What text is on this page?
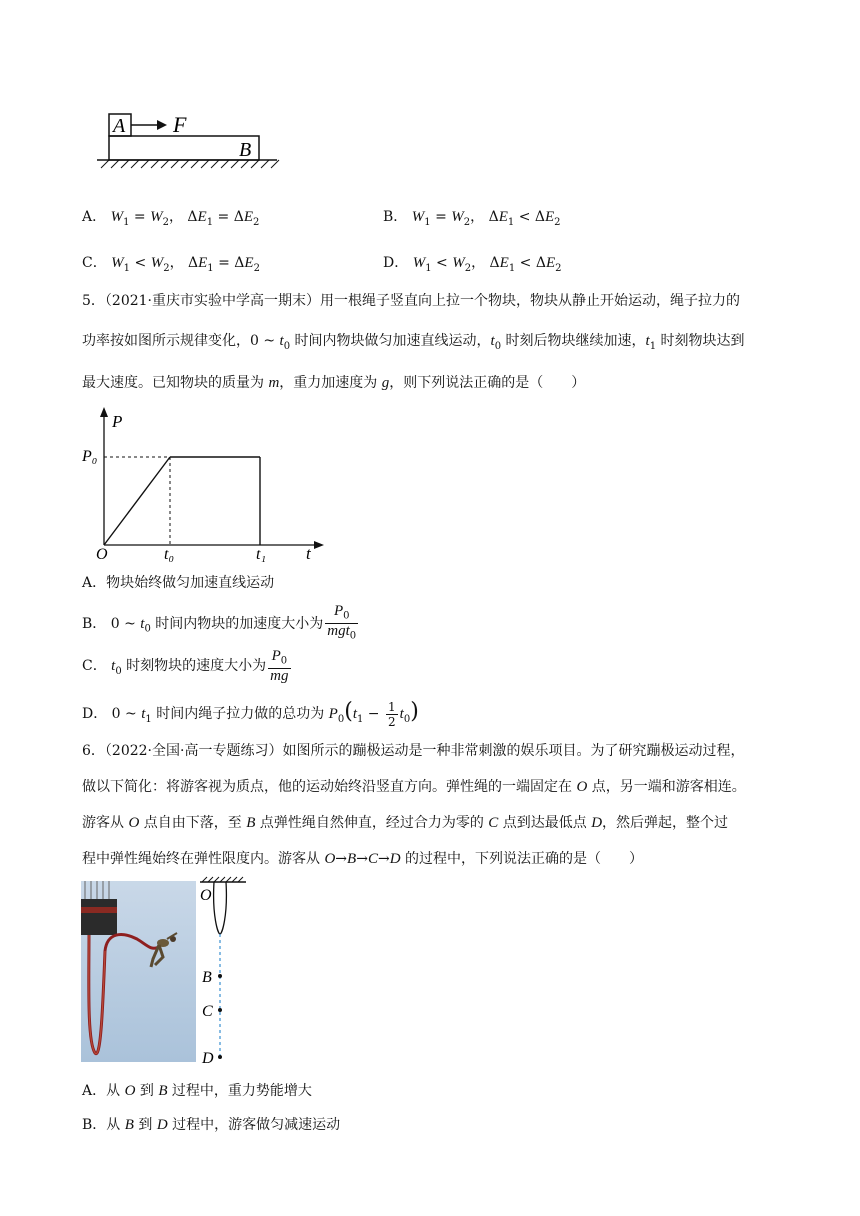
A F
B
A． $W_1 = W_2$， $\Delta E_1 = \Delta E_2$	B． $W_1 = W_2$， $\Delta E_1 < \Delta E_2$
C． $W_1 < W_2$， $\Delta E_1 = \Delta E_2$	D． $W_1 < W_2$， $\Delta E_1 < \Delta E_2$
5．（2021·重庆市实验中学高一期末）用一根绳子竖直向上拉一个物块，物块从静止开始运动，绳子拉力的
功率按如图所示规律变化，0 ~ $t_0$ 时间内物块做匀加速直线运动，$t_0$ 时刻后物块继续加速，$t_1$ 时刻物块达到
最大速度。已知物块的质量为 m，重力加速度为 g，则下列说法正确的是（　　）
P
t
O
P₀
t₀	t₁
A．物块始终做匀加速直线运动
B． 0 ~ $t_0$ 时间内物块的加速度大小为 $\frac{P_0}{mgt_0}$
C． $t_0$ 时刻物块的速度大小为 $\frac{P_0}{mg}$
D． 0 ~ $t_1$ 时间内绳子拉力做的总功为 $P_0(t_1 - \frac{1}{2} t_0)$
6．（2022·全国·高一专题练习）如图所示的蹦极运动是一种非常刺激的娱乐项目。为了研究蹦极运动过程，
做以下简化：将游客视为质点，他的运动始终沿竖直方向。弹性绳的一端固定在 O 点，另一端和游客相连。
游客从 O 点自由下落，至 B 点弹性绳自然伸直，经过合力为零的 C 点到达最低点 D，然后弹起，整个过
程中弹性绳始终在弹性限度内。游客从 O→B→C→D 的过程中，下列说法正确的是（　　）
O
B
C
D
A．从 O 到 B 过程中，重力势能增大
B．从 B 到 D 过程中，游客做匀减速运动
